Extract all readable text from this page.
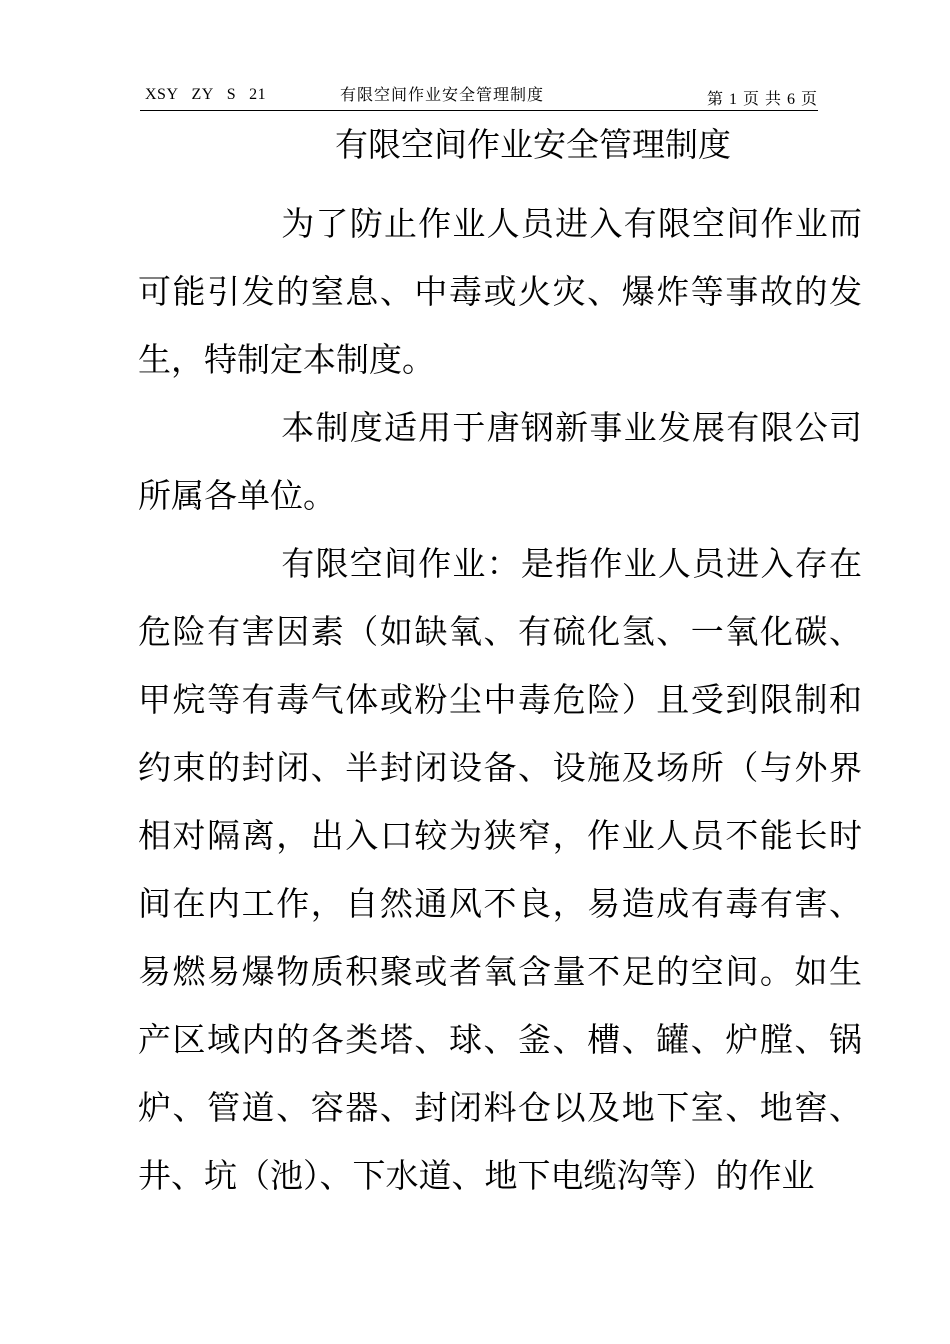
XSY ZY S 21	有限空间作业安全管理制度	第 1 页 共 6 页
有限空间作业安全管理制度

为了防止作业人员进入有限空间作业而可能引发的窒息、中毒或火灾、爆炸等事故的发生，特制定本制度。

本制度适用于唐钢新事业发展有限公司所属各单位。

有限空间作业：是指作业人员进入存在危险有害因素（如缺氧、有硫化氢、一氧化碳、甲烷等有毒气体或粉尘中毒危险）且受到限制和约束的封闭、半封闭设备、设施及场所（与外界相对隔离，出入口较为狭窄，作业人员不能长时间在内工作，自然通风不良，易造成有毒有害、易燃易爆物质积聚或者氧含量不足的空间。如生产区域内的各类塔、球、釜、槽、罐、炉膛、锅炉、管道、容器、封闭料仓以及地下室、地窖、井、坑（池）、下水道、地下电缆沟等）的作业
